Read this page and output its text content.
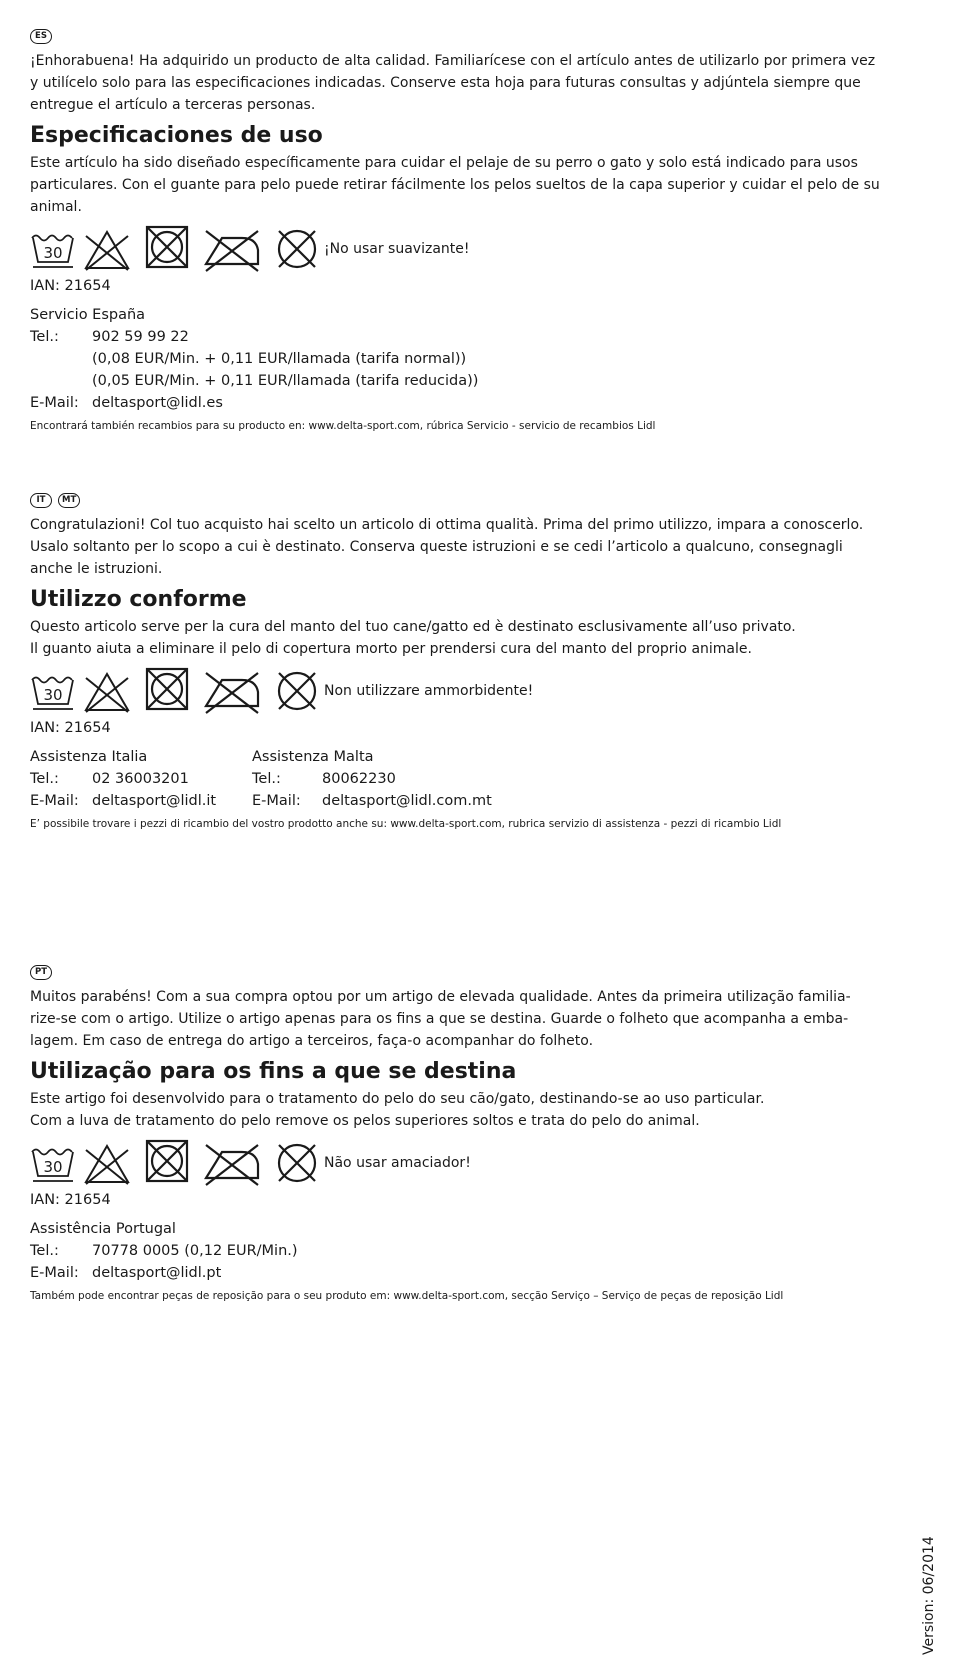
ES

¡Enhorabuena! Ha adquirido un producto de alta calidad. Familiarícese con el artículo antes de utilizarlo por primera vez

y utilícelo solo para las especificaciones indicadas. Conserve esta hoja para futuras consultas y adjúntela siempre que

entregue el artículo a terceras personas.

Especificaciones de uso

Este artículo ha sido diseñado específicamente para cuidar el pelaje de su perro o gato y solo está indicado para usos

particulares. Con el guante para pelo puede retirar fácilmente los pelos sueltos de la capa superior y cuidar el pelo de su

animal.

30	¡No usar suavizante!
IAN: 21654
Servicio España
Tel.:	902 59 99 22
(0,08 EUR/Min. + 0,11 EUR/llamada (tarifa normal))
(0,05 EUR/Min. + 0,11 EUR/llamada (tarifa reducida))
E-Mail: deltasport@lidl.es
Encontrará también recambios para su producto en: www.delta-sport.com, rúbrica Servicio - servicio de recambios Lidl
IT	MT

Congratulazioni! Col tuo acquisto hai scelto un articolo di ottima qualità. Prima del primo utilizzo, impara a conoscerlo.

Usalo soltanto per lo scopo a cui è destinato. Conserva queste istruzioni e se cedi l’articolo a qualcuno, consegnagli

anche le istruzioni.

Utilizzo conforme

Questo articolo serve per la cura del manto del tuo cane/gatto ed è destinato esclusivamente all’uso privato.

Il guanto aiuta a eliminare il pelo di copertura morto per prendersi cura del manto del proprio animale.

30	Non utilizzare ammorbidente!
IAN: 21654
Assistenza Italia
Tel.:	02 36003201
E-Mail: deltasport@lidl.it
Assistenza Malta
Tel.:	80062230
E-Mail:	deltasport@lidl.com.mt
E’ possibile trovare i pezzi di ricambio del vostro prodotto anche su: www.delta-sport.com, rubrica servizio di assistenza - pezzi di ricambio Lidl
PT

Muitos parabéns! Com a sua compra optou por um artigo de elevada qualidade. Antes da primeira utilização familia-

rize-se com o artigo. Utilize o artigo apenas para os fins a que se destina. Guarde o folheto que acompanha a emba-

lagem. Em caso de entrega do artigo a terceiros, faça-o acompanhar do folheto.

Utilização para os fins a que se destina

Este artigo foi desenvolvido para o tratamento do pelo do seu cão/gato, destinando-se ao uso particular.

Com a luva de tratamento do pelo remove os pelos superiores soltos e trata do pelo do animal.

30	Não usar amaciador!
IAN: 21654
Assistência Portugal
Tel.:	70778 0005 (0,12 EUR/Min.)
E-Mail: deltasport@lidl.pt
Também pode encontrar peças de reposição para o seu produto em: www.delta-sport.com, secção Serviço – Serviço de peças de reposição Lidl
Version: 06/2014
